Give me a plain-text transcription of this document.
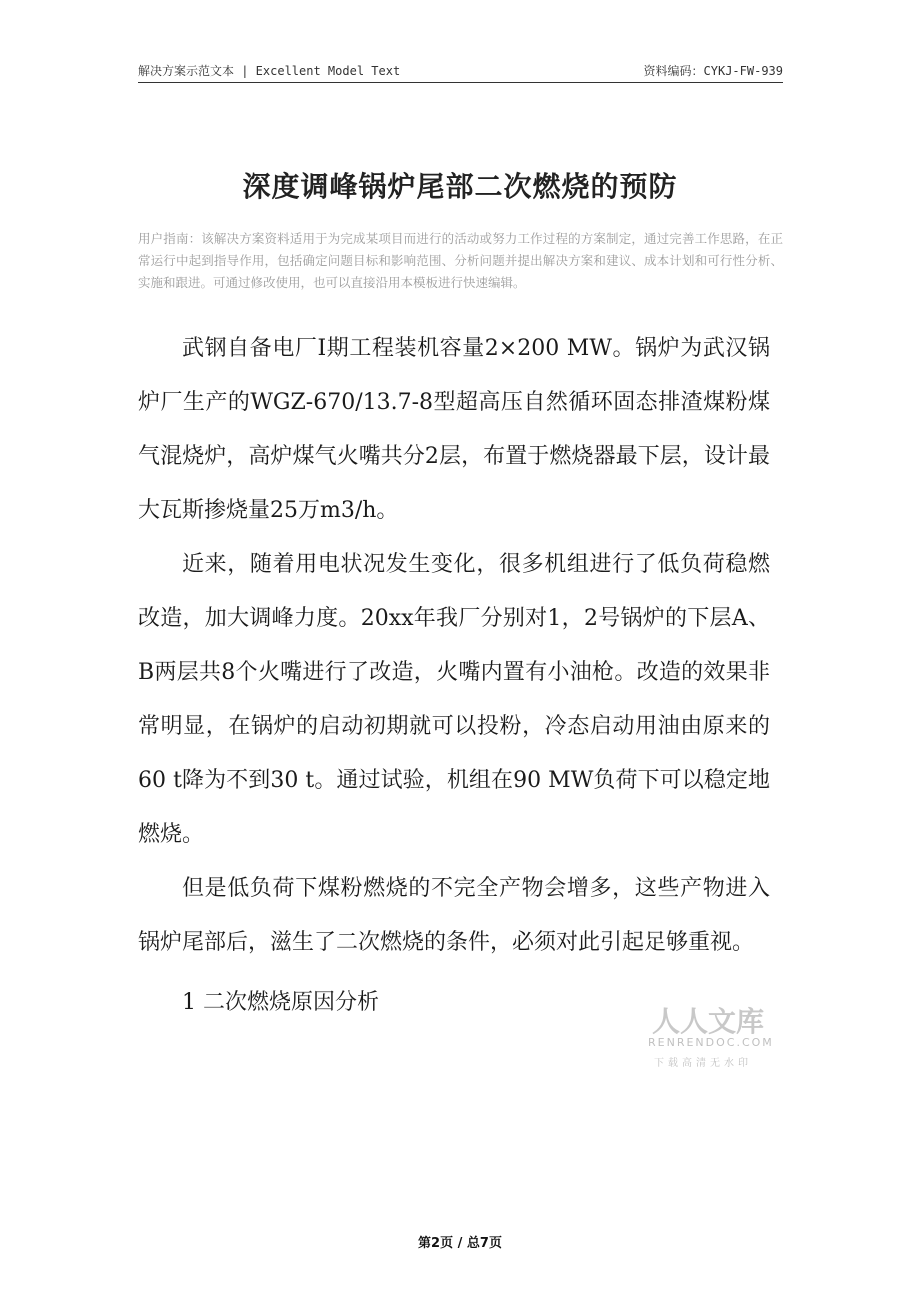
解决方案示范文本 | Excellent Model Text	资料编码：CYKJ-FW-939
深度调峰锅炉尾部二次燃烧的预防
用户指南：该解决方案资料适用于为完成某项目而进行的活动或努力工作过程的方案制定，通过完善工作思路，在正常运行中起到指导作用，包括确定问题目标和影响范围、分析问题并提出解决方案和建议、成本计划和可行性分析、实施和跟进。可通过修改使用，也可以直接沿用本模板进行快速编辑。

武钢自备电厂Ⅰ期工程装机容量2×200 MW。锅炉为武汉锅炉厂生产的WGZ-670/13.7-8型超高压自然循环固态排渣煤粉煤气混烧炉，高炉煤气火嘴共分2层，布置于燃烧器最下层，设计最大瓦斯掺烧量25万m3/h。

近来，随着用电状况发生变化，很多机组进行了低负荷稳燃改造，加大调峰力度。20xx年我厂分别对1，2号锅炉的下层A、B两层共8个火嘴进行了改造，火嘴内置有小油枪。改造的效果非常明显，在锅炉的启动初期就可以投粉，冷态启动用油由原来的60 t降为不到30 t。通过试验，机组在90 MW负荷下可以稳定地燃烧。

但是低负荷下煤粉燃烧的不完全产物会增多，这些产物进入锅炉尾部后，滋生了二次燃烧的条件，必须对此引起足够重视。

1 二次燃烧原因分析

人人文库
RENRENDOC.COM
下载高清无水印
第2页 / 总7页
